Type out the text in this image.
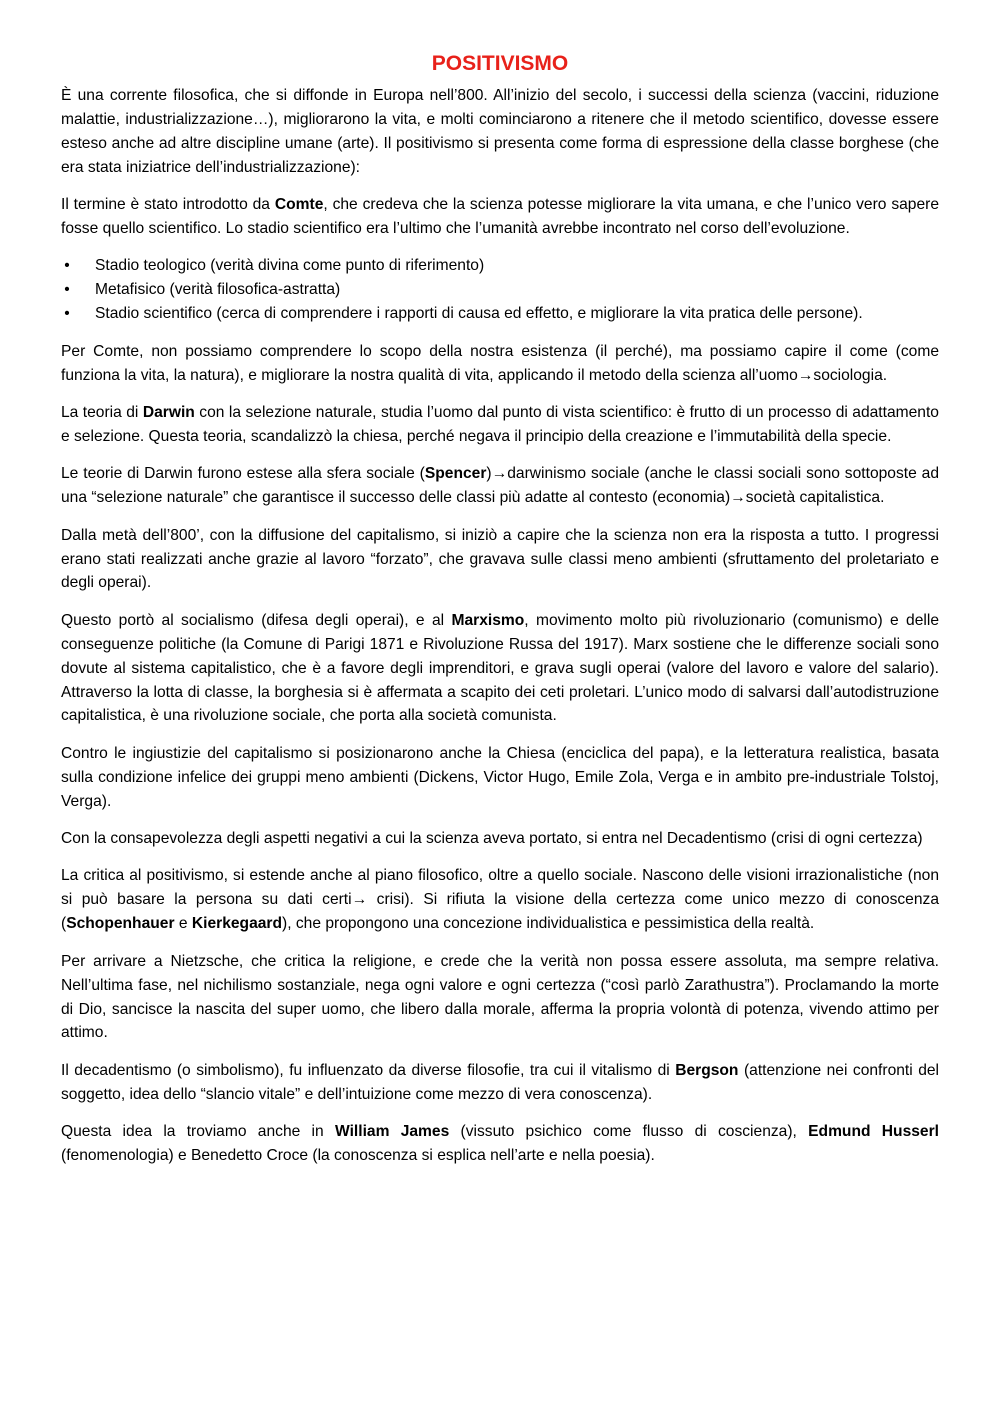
POSITIVISMO

È una corrente filosofica, che si diffonde in Europa nell’800. All’inizio del secolo, i successi della scienza (vaccini, riduzione malattie, industrializzazione…), migliorarono la vita, e molti cominciarono a ritenere che il metodo scientifico, dovesse essere esteso anche ad altre discipline umane (arte). Il positivismo si presenta come forma di espressione della classe borghese (che era stata iniziatrice dell’industrializzazione):

Il termine è stato introdotto da Comte, che credeva che la scienza potesse migliorare la vita umana, e che l’unico vero sapere fosse quello scientifico. Lo stadio scientifico era l’ultimo che l’umanità avrebbe incontrato nel corso dell’evoluzione.

• Stadio teologico (verità divina come punto di riferimento)
• Metafisico (verità filosofica-astratta)
• Stadio scientifico (cerca di comprendere i rapporti di causa ed effetto, e migliorare la vita pratica delle persone).

Per Comte, non possiamo comprendere lo scopo della nostra esistenza (il perché), ma possiamo capire il come (come funziona la vita, la natura), e migliorare la nostra qualità di vita, applicando il metodo della scienza all’uomo→sociologia.

La teoria di Darwin con la selezione naturale, studia l’uomo dal punto di vista scientifico: è frutto di un processo di adattamento e selezione. Questa teoria, scandalizzò la chiesa, perché negava il principio della creazione e l’immutabilità della specie.

Le teorie di Darwin furono estese alla sfera sociale (Spencer)→darwinismo sociale (anche le classi sociali sono sottoposte ad una “selezione naturale” che garantisce il successo delle classi più adatte al contesto (economia)→società capitalistica.

Dalla metà dell’800’, con la diffusione del capitalismo, si iniziò a capire che la scienza non era la risposta a tutto. I progressi erano stati realizzati anche grazie al lavoro “forzato”, che gravava sulle classi meno ambienti (sfruttamento del proletariato e degli operai).

Questo portò al socialismo (difesa degli operai), e al Marxismo, movimento molto più rivoluzionario (comunismo) e delle conseguenze politiche (la Comune di Parigi 1871 e Rivoluzione Russa del 1917). Marx sostiene che le differenze sociali sono dovute al sistema capitalistico, che è a favore degli imprenditori, e grava sugli operai (valore del lavoro e valore del salario). Attraverso la lotta di classe, la borghesia si è affermata a scapito dei ceti proletari. L’unico modo di salvarsi dall’autodistruzione capitalistica, è una rivoluzione sociale, che porta alla società comunista.

Contro le ingiustizie del capitalismo si posizionarono anche la Chiesa (enciclica del papa), e la letteratura realistica, basata sulla condizione infelice dei gruppi meno ambienti (Dickens, Victor Hugo, Emile Zola, Verga e in ambito pre-industriale Tolstoj, Verga).

Con la consapevolezza degli aspetti negativi a cui la scienza aveva portato, si entra nel Decadentismo (crisi di ogni certezza)

La critica al positivismo, si estende anche al piano filosofico, oltre a quello sociale. Nascono delle visioni irrazionalistiche (non si può basare la persona su dati certi→ crisi). Si rifiuta la visione della certezza come unico mezzo di conoscenza (Schopenhauer e Kierkegaard), che propongono una concezione individualistica e pessimistica della realtà.

Per arrivare a Nietzsche, che critica la religione, e crede che la verità non possa essere assoluta, ma sempre relativa. Nell’ultima fase, nel nichilismo sostanziale, nega ogni valore e ogni certezza (“così parlò Zarathustra”). Proclamando la morte di Dio, sancisce la nascita del super uomo, che libero dalla morale, afferma la propria volontà di potenza, vivendo attimo per attimo.

Il decadentismo (o simbolismo), fu influenzato da diverse filosofie, tra cui il vitalismo di Bergson (attenzione nei confronti del soggetto, idea dello “slancio vitale” e dell’intuizione come mezzo di vera conoscenza).

Questa idea la troviamo anche in William James (vissuto psichico come flusso di coscienza), Edmund Husserl (fenomenologia) e Benedetto Croce (la conoscenza si esplica nell’arte e nella poesia).
